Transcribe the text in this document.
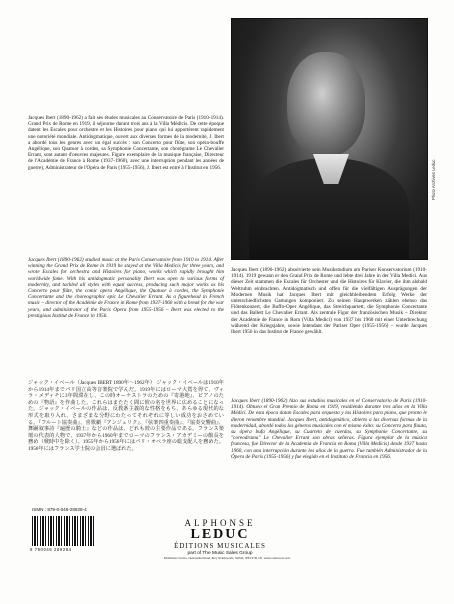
Jacques Ibert (1890-1962) a fait ses études musicales au Conservatoire de Paris (1910-1914). Grand Prix de Rome en 1919, il séjourne durant trois ans à la Villa Médicis. De cette époque datent les Escales pour orchestre et les Histoires pour piano qui lui apportèrent rapidement une notoriété mondiale. Antidogmatique, ouvert aux diverses formes de la modernité, J. Ibert a abordé tous les genres avec un égal succès : son Concerto pour flûte, son opéra-bouffe Angélique, son Quatuor à cordes, sa Symphonie Concertante, son chorégrame Le Chevalier Errant, sont autant d'oeuvres majeures. Figure exemplaire de la musique française, Directeur de l'Académie de France à Rome (1937-1960), avec une interruption pendant les années de guerre), Administrateur de l'Opéra de Paris (1955-1956), J. Ibert est entré à l'Institut en 1956.
Jacques Ibert (1890-1962) studied music at the Paris Conservatoire from 1910 to 1914. After winning the Grand Prix de Rome in 1919 he stayed at the Villa Medicis for three years, and wrote Escales for orchestra and Histoires for piano, works which rapidly brought him worldwide fame. With his antidogmatic personality Ibert was open to various forms of modernity, and tackled all styles with equal success, producing such major works as his Concerto pour flûte, the comic opera Angélique, the Quatuor à cordes, the Symphonie Concertante and the choreographic epic Le Chevalier Errant. As a figurehead in French music – director of the Académie de France in Rome from 1937-1960 with a break for the war years, and administrator of the Paris Opera from 1955-1956 – Ibert was elected to the prestigious Institut de France in 1956.
ジャック・イベール（Jacques IBERT 1890年〜1962年） ジャック・イベールは1910年から1914年までパリ国立高等音楽院で学んだ。1919年にはローマ大賞を得て、ヴィラ・メディチに3年間滞在し、この時オーケストラのための『寄港地』、ピアノのための『物語』を作曲した。これらはまたたく間に彼の名を世界に広めることになった。ジャック・イベールの作品は、反教条主義的な性格をもち、あらゆる現代的な形式を取り入れ、さまざまな分野にわたってそれぞれに等しい成功をおさめている。『フルート協奏曲』、喜歌劇『アンジェリク』、『弦楽四重奏曲』、『協奏交響曲』、舞踊叙事詩『遍歴の騎士』などの作品は、どれも彼の主要作品である。フランス楽壇の代表的人物で、1937年から1960年までローマのフランス・アカデミーの館長を務め（戦時中を除く）、1955年から1956年にはパリ・オペラ座の総支配人を務めた。1956年にはフランス学士院の会員に選ばれた。
Photo Archives Leduc
Jacques Ibert (1890-1962) absolvierte sein Musikstudium am Pariser Konservatorium (1910-1914). 1919 gewann er den Grand Prix de Rome und lebte drei Jahre in der Villa Medici. Aus dieser Zeit stammen die Escales für Orchester und die Histoires für Klavier, die ihm alsbald Weltruhm einbrachten. Antidogmatisch und offen für die vielfältigen Ausprägungen der Modernen Musik hat Jacques Ibert mit gleichbleibendem Erfolg Werke der unterschiedlichsten Gattungen komponiert. Zu seinen Hauptwerken zählen ebenso das Flötenkonzert, die Buffo-Oper Angélique, das Streichquartett, die Symphonie Concertante und das Ballett Le Chevalier Errant. Als zentrale Figur der französischen Musik – Direktor der Académie de France in Rom (Villa Medici) von 1937 bis 1960 mit einer Unterbrechung während der Kriegsjahre, sowie Intendant der Pariser Oper (1955-1956) – wurde Jacques Ibert 1956 in das Institut de France gewählt.
Jacques Ibert (1890-1962) hizo sus estudios musicales en el Conservatorio de París (1910-1914). Obtuvo el Gran Premio de Roma en 1919, residiendo durante tres años en la Villa Médici. De esta época datan Escales para orquesta y las Histoires para piano, que pronto le dieron renombre mundial. Jacques Ibert, antidogmático, abierto a las diversas formas de la modernidad, abordó todos los géneros musicales con el mismo éxito: su Concerto para flauta, su ópera bufa Angélique, su Cuarteto de cuerdas, su Symphonie Concertante, su "coreodrama" Le Chevalier Errant son obras señeras. Figura ejemplar de la música francesa, fue Director de la Academia de Francia en Roma (Villa Medicis) desde 1937 hasta 1960, con una interrupción durante los años de la guerra. Fue también Administrador de la Ópera de París (1955-1956) y fue elegido en el Instituto de Francia en 1956.
ISMN : 979-0-046-28928-4
9 790046 289284
ALPHONSE
LEDUC
ÉDITIONS MUSICALES
part of The Music Sales Group
Distribution Centre, Newmarket Road, Bury St Edmunds, Suffolk, IP33 3YB, UK. www.musicroom.com
